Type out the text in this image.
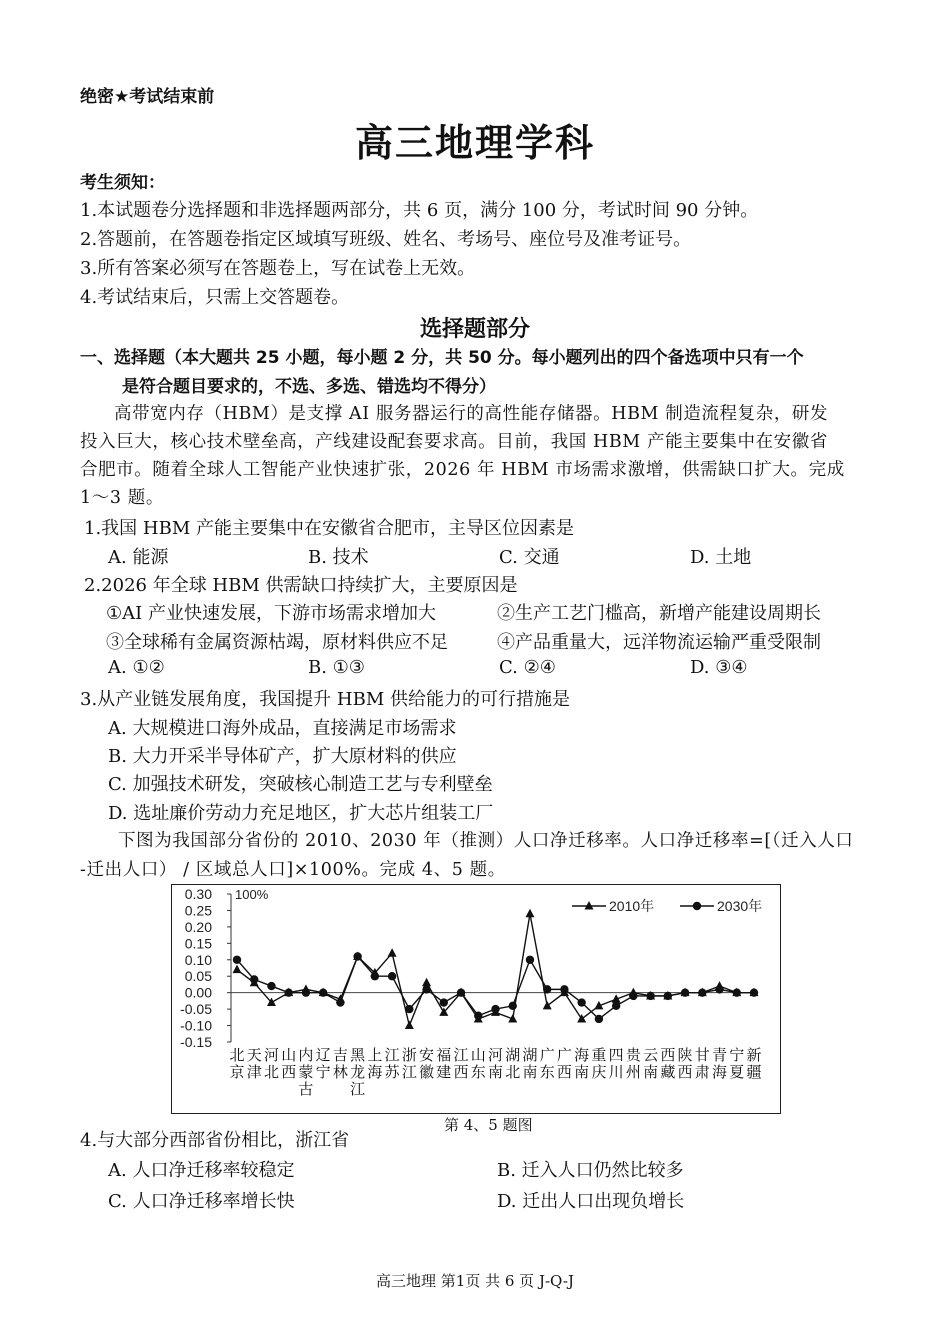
绝密★考试结束前
高三地理学科
考生须知：
1.本试题卷分选择题和非选择题两部分，共 6 页，满分 100 分，考试时间 90 分钟。
2.答题前，在答题卷指定区域填写班级、姓名、考场号、座位号及准考证号。
3.所有答案必须写在答题卷上，写在试卷上无效。
4.考试结束后，只需上交答题卷。
选择题部分
一、选择题（本大题共 25 小题，每小题 2 分，共 50 分。每小题列出的四个备选项中只有一个
是符合题目要求的，不选、多选、错选均不得分）
高带宽内存（HBM）是支撑 AI 服务器运行的高性能存储器。HBM 制造流程复杂，研发
投入巨大，核心技术壁垒高，产线建设配套要求高。目前，我国 HBM 产能主要集中在安徽省
合肥市。随着全球人工智能产业快速扩张，2026 年 HBM 市场需求激增，供需缺口扩大。完成
1～3 题。
1.我国 HBM 产能主要集中在安徽省合肥市，主导区位因素是
A. 能源	B. 技术	C. 交通	D. 土地
2.2026 年全球 HBM 供需缺口持续扩大，主要原因是
①AI 产业快速发展，下游市场需求增加大	②生产工艺门槛高，新增产能建设周期长
③全球稀有金属资源枯竭，原材料供应不足	④产品重量大，远洋物流运输严重受限制
A. ①②	B. ①③	C. ②④	D. ③④
3.从产业链发展角度，我国提升 HBM 供给能力的可行措施是
A. 大规模进口海外成品，直接满足市场需求
B. 大力开采半导体矿产，扩大原材料的供应
C. 加强技术研发，突破核心制造工艺与专利壁垒
D. 选址廉价劳动力充足地区，扩大芯片组装工厂
下图为我国部分省份的 2010、2030 年（推测）人口净迁移率。人口净迁移率=[（迁入人口
-迁出人口） / 区域总人口]×100%。完成 4、5 题。
0.30
0.25
0.20
0.15
0.10
0.05
0.00
-0.05
-0.10
-0.15
100%
2010年	2030年
北
京
天
津
河
北
山
西
内
蒙
古
辽
宁
吉
林
黑
龙
江
上
海
江
苏
浙
江
安
徽
福
建
江
西
山
东
河
南
湖
北
湖
南
广
东
广
西
海
南
重
庆
四
川
贵
州
云
南
西
藏
陕
西
甘
肃
青
海
宁
夏
新
疆
第 4、5 题图
4.与大部分西部省份相比，浙江省
A. 人口净迁移率较稳定	B. 迁入人口仍然比较多
C. 人口净迁移率增长快	D. 迁出人口出现负增长
高三地理 第1页 共 6 页 J-Q-J
